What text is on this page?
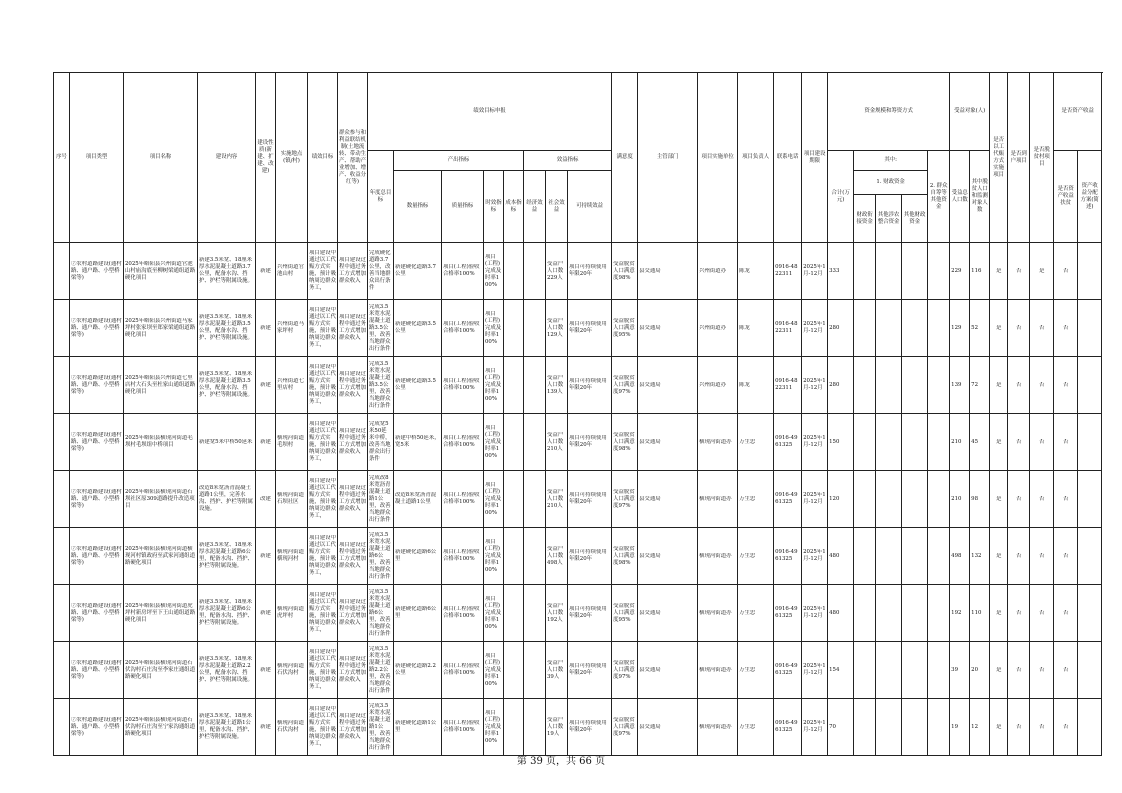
序号	项目类型	项目名称	建设内容	建设性质(新建、扩建、改建)	实施地点(镇/村)	绩效目标	群众参与和利益联结机制(土地流转、带动生产、帮助产业增加、增产、收益分红等)	绩效目标申报								满意度	主管部门	项目实施单位	项目负责人	联系电话	项目建设期限	资金规模和筹资方式					受益对象(人)		是否以工代赈方式实施项目	是否到户项目	是否脱贫村项目	是否资产收益	
								年度总目标	产出指标				效益指标									合计(万元)	其中:			2. 群众自筹等其他资金	受益总人口数	其中脱贫人口和监测对象人数				是否资产收益扶贫	资产收益分配方案(简述)		
									数量指标	质量指标	时效指标	成本指标	经济效益	社会效益	可持续效益								1. 财政资金											
																							财政衔接资金	其他涉农整合资金	其他财政资金									

	⑦农村道路建设(通村路、通户路、小型桥梁等)	2025年略阳县兴州街道官池山村庙沟底至柳树梁通组道路硬化项目	新建3.5米宽、18厘米厚水泥混凝土道路3.7公里，配备水沟、挡护、护栏等附属设施。	新建	兴州街道官池山村	项目建设中通过以工代赈方式实施，预计吸纳周边群众务工，	项目建设过程中通过务工方式增加群众收入	完成硬化道路3.7公里，改善当地群众出行条件	新建硬化道路3.7公里	项目(工程)验收合格率100%	项目(工程)完成及时率100%			受益户人口数229人	项目可持续使用年限20年	受益脱贫人口满意度98%	县交通局	兴州街道办	陈龙	0916-4822311	2025年1月-12月	333					229	116	是	否	是	否

	⑦农村道路建设(通村路、通户路、小型桥梁等)	2025年略阳县兴州街道马家坪村张家坝至郑家梁通组道路硬化项目	新建3.5米宽、18厘米厚水泥混凝土道路3.5公里，配备水沟、挡护、护栏等附属设施。	新建	兴州街道马家坪村	项目建设中通过以工代赈方式实施，预计吸纳周边群众务工，	项目建设过程中通过务工方式增加群众收入	完成3.5米宽水泥混凝土道路3.5公里，改善当地群众出行条件	新建硬化道路3.5公里	项目(工程)验收合格率100%	项目(工程)完成及时率100%			受益户人口数129人	项目可持续使用年限20年	受益脱贫人口满意度95%	县交通局	兴州街道办	陈龙	0916-4822311	2025年1月-12月	280					129	52	是	否	否	否

	⑦农村道路建设(通村路、通户路、小型桥梁等)	2025年略阳县兴州街道七里店村大石头至杜家山通组道路硬化项目	新建3.5米宽、18厘米厚水泥混凝土道路3.5公里，配备水沟、挡护、护栏等附属设施。	新建	兴州街道七里店村	项目建设中通过以工代赈方式实施，预计吸纳周边群众务工，	项目建设过程中通过务工方式增加群众收入	完成3.5米宽水泥混凝土道路3.5公里，改善当地群众出行条件	新建硬化道路3.5公里	项目(工程)验收合格率100%	项目(工程)完成及时率100%			受益户人口数139人	项目可持续使用年限20年	受益脱贫人口满意度97%	县交通局	兴州街道办	陈龙	0916-4822311	2025年1月-12月	280					139	72	是	否	否	否

	⑦农村道路建设(通村路、通户路、小型桥梁等)	2025年略阳县横现河街道毛坝村毛坝组中桥项目	新建宽5米中桥50延米	新建	横现河街道毛坝村	项目建设中通过以工代赈方式实施，预计吸纳周边群众务工，	项目建设过程中通过务工方式增加群众收入	完成宽5米50延米中桥，改善当地群众出行条件	新建中桥50延米，宽5米	项目(工程)验收合格率100%	项目(工程)完成及时率100%			受益户人口数210人	项目可持续使用年限20年	受益脱贫人口满意度98%	县交通局	横现河街道办	万生忠	0916-4961325	2025年1月-12月	150					210	45	是	否	否	否

	⑦农村道路建设(通村路、通户路、小型桥梁等)	2025年略阳县横现河街道石坝社区原309道路提升改造项目	改造8米宽沥青混凝土道路1公里，完善水沟、挡护、护栏等附属设施。	改建	横现河街道石坝社区	项目建设中通过以工代赈方式实施，预计吸纳周边群众务工，	项目建设过程中通过务工方式增加群众收入	完成改8米宽沥青混凝土道路1公里，改善当地群众出行条件	改造8米宽沥青混凝土道路1公里	项目(工程)验收合格率100%	项目(工程)完成及时率100%			受益户人口数210人	项目可持续使用年限20年	受益脱贫人口满意度97%	县交通局	横现河街道办	万生忠	0916-4961325	2025年1月-12月	120					210	98	是	否	否	否

	⑦农村道路建设(通村路、通户路、小型桥梁等)	2025年略阳县横现河街道横现河村镇政府至武家河通组道路硬化项目	新建3.5米宽、18厘米厚水泥混凝土道路6公里，配备水沟、挡护、护栏等附属设施。	新建	横现河街道横现河村	项目建设中通过以工代赈方式实施，预计吸纳周边群众务工，	项目建设过程中通过务工方式增加群众收入	完成3.5米宽水泥混凝土道路6公里，改善当地群众出行条件	新建硬化道路6公里	项目(工程)验收合格率100%	项目(工程)完成及时率100%			受益户人口数498人	项目可持续使用年限20年	受益脱贫人口满意度98%	县交通局	横现河街道办	万生忠	0916-4961325	2025年1月-12月	480					498	132	是	否	否	否

	⑦农村道路建设(通村路、通户路、小型桥梁等)	2025年略阳县横现河街道虎坪村新房坪至下王山通组道路硬化项目	新建3.5米宽、18厘米厚水泥混凝土道路6公里，配备水沟、挡护、护栏等附属设施。	新建	横现河街道虎坪村	项目建设中通过以工代赈方式实施，预计吸纳周边群众务工，	项目建设过程中通过务工方式增加群众收入	完成3.5米宽水泥混凝土道路6公里，改善当地群众出行条件	新建硬化道路6公里	项目(工程)验收合格率100%	项目(工程)完成及时率100%			受益户人口数192人	项目可持续使用年限20年	受益脱贫人口满意度95%	县交通局	横现河街道办	万生忠	0916-4961325	2025年1月-12月	480					192	110	是	否	否	否

	⑦农村道路建设(通村路、通户路、小型桥梁等)	2025年略阳县横现河街道石伏沟村石庄沟至李家庄通组道路硬化项目	新建3.5米宽、18厘米厚水泥混凝土道路2.2公里，配备水沟、挡护、护栏等附属设施。	新建	横现河街道石伏沟村	项目建设中通过以工代赈方式实施，预计吸纳周边群众务工，	项目建设过程中通过务工方式增加群众收入	完成3.5米宽水泥混凝土道路2.2公里，改善当地群众出行条件	新建硬化道路2.2公里	项目(工程)验收合格率100%	项目(工程)完成及时率100%			受益户人口数39人	项目可持续使用年限20年	受益脱贫人口满意度97%	县交通局	横现河街道办	万生忠	0916-4961325	2025年1月-12月	154					39	20	是	否	否	否

	⑦农村道路建设(通村路、通户路、小型桥梁等)	2025年略阳县横现河街道石伏沟村石庄沟至宁家沟通组道路硬化项目	新建3.5米宽、18厘米厚水泥混凝土道路1公里，配备水沟、挡护、护栏等附属设施。	新建	横现河街道石伏沟村	项目建设中通过以工代赈方式实施，预计吸纳周边群众务工，	项目建设过程中通过务工方式增加群众收入	完成3.5米宽水泥混凝土道路1公里，改善当地群众出行条件	新建硬化道路1公里	项目(工程)验收合格率100%	项目(工程)完成及时率100%			受益户人口数19人	项目可持续使用年限20年	受益脱贫人口满意度97%	县交通局	横现河街道办	万生忠	0916-4961325	2025年1月-12月	70					19	12	是	否	否	否

第 39 页，共 66 页
